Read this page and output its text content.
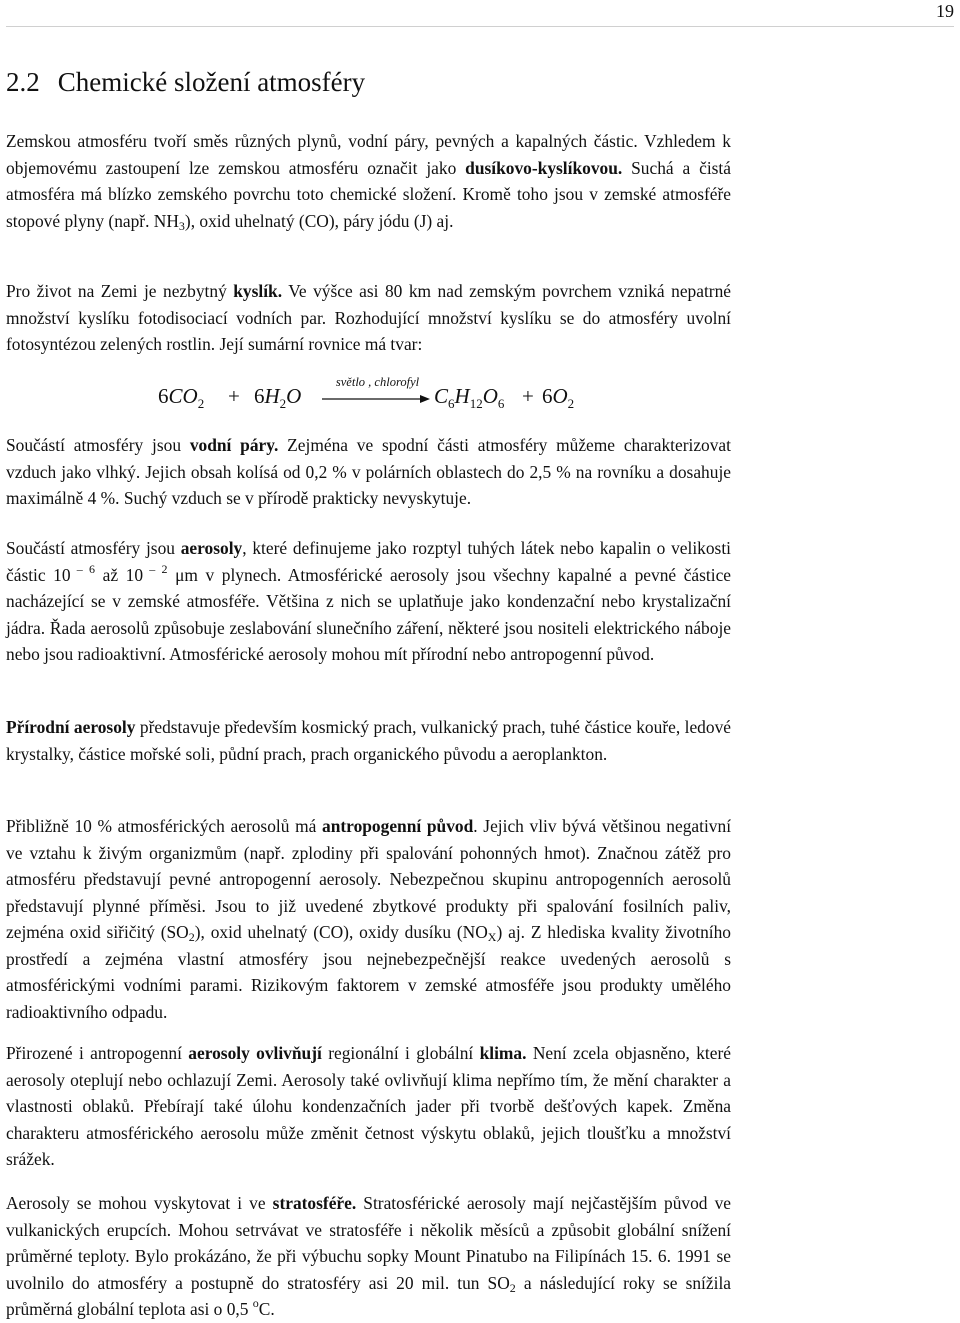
19
2.2 Chemické složení atmosféry
Zemskou atmosféru tvoří směs různých plynů, vodní páry, pevných a kapalných částic. Vzhledem k objemovému zastoupení lze zemskou atmosféru označit jako dusíkovo-kyslíkovou. Suchá a čistá atmosféra má blízko zemského povrchu toto chemické složení. Kromě toho jsou v zemské atmosféře stopové plyny (např. $NH_3$), oxid uhelnatý (CO), páry jódu (J) aj.
Pro život na Zemi je nezbytný kyslík. Ve výšce asi 80 km nad zemským povrchem vzniká nepatrné množství kyslíku fotodisociací vodních par. Rozhodující množství kyslíku se do atmosféry uvolní fotosyntézou zelených rostlin. Její sumární rovnice má tvar:
$6CO_2 + 6H_2O$
světlo , chlorofyl
$C_6H_{12}O_6 + 6O_2$
Součástí atmosféry jsou vodní páry. Zejména ve spodní části atmosféry můžeme charakterizovat vzduch jako vlhký. Jejich obsah kolísá od 0,2 % v polárních oblastech do 2,5 % na rovníku a dosahuje maximálně 4 %. Suchý vzduch se v přírodě prakticky nevyskytuje.
Součástí atmosféry jsou aerosoly, které definujeme jako rozptyl tuhých látek nebo kapalin o velikosti částic 10 $^{- 6}$ až 10 $^{- 2}$ μm v plynech. Atmosférické aerosoly jsou všechny kapalné a pevné částice nacházející se v zemské atmosféře. Většina z nich se uplatňuje jako kondenzační nebo krystalizační jádra. Řada aerosolů způsobuje zeslabování slunečního záření, některé jsou nositeli elektrického náboje nebo jsou radioaktivní. Atmosférické aerosoly mohou mít přírodní nebo antropogenní původ.
Přírodní aerosoly představuje především kosmický prach, vulkanický prach, tuhé částice kouře, ledové krystalky, částice mořské soli, půdní prach, prach organického původu a aeroplankton.
Přibližně 10 % atmosférických aerosolů má antropogenní původ. Jejich vliv bývá většinou negativní ve vztahu k živým organizmům (např. zplodiny při spalování pohonných hmot). Značnou zátěž pro atmosféru představují pevné antropogenní aerosoly. Nebezpečnou skupinu antropogenních aerosolů představují plynné příměsi. Jsou to již uvedené zbytkové produkty při spalování fosilních paliv, zejména oxid siřičitý $(SO_2)$, oxid uhelnatý (CO), oxidy dusíku $(NO_X)$ aj. Z hlediska kvality životního prostředí a zejména vlastní atmosféry jsou nejnebezpečnější reakce uvedených aerosolů s atmosférickými vodními parami. Rizikovým faktorem v zemské atmosféře jsou produkty umělého radioaktivního odpadu.
Přirozené i antropogenní aerosoly ovlivňují regionální i globální klima. Není zcela objasněno, které aerosoly oteplují nebo ochlazují Zemi. Aerosoly také ovlivňují klima nepřímo tím, že mění charakter a vlastnosti oblaků. Přebírají také úlohu kondenzačních jader při tvorbě dešťových kapek. Změna charakteru atmosférického aerosolu může změnit četnost výskytu oblaků, jejich tloušťku a množství srážek.
Aerosoly se mohou vyskytovat i ve stratosféře. Stratosférické aerosoly mají nejčastějším původ ve vulkanických erupcích. Mohou setrvávat ve stratosféře i několik měsíců a způsobit globální snížení průměrné teploty. Bylo prokázáno, že při výbuchu sopky Mount Pinatubo na Filipínách 15. 6. 1991 se uvolnilo do atmosféry a postupně do stratosféry asi 20 mil. tun $SO_2$ a následující roky se snížila průměrná globální teplota asi o 0,5 $^o$C.
